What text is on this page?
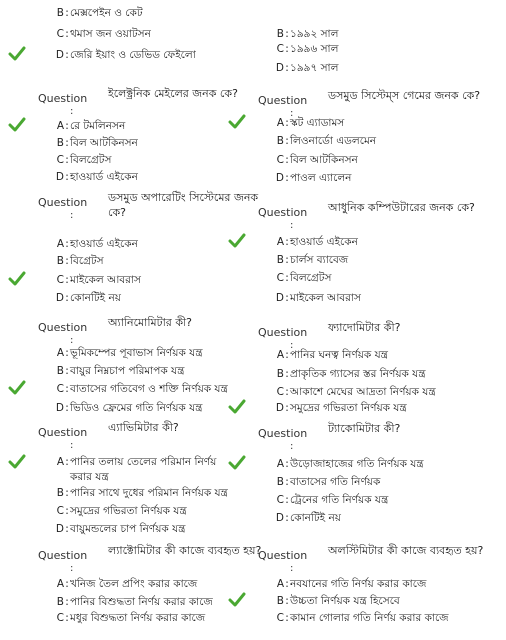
B:মেক্সপেইন ও কেট
C:থমাস জন ওয়াটসন
D:জেরি ইয়াং ও ডেভিড ফেইলো
Question
:
ইলেক্ট্রনিক মেইলের জনক কে?
A:রে টমলিনসন
B:বিল আটকিনসন
C:বিলগ্রেটস
D:হাওয়ার্ড এইকেন
Question
:
ডসমুড অপারেটিং সিস্টেমের জনক কে?
A:হাওয়ার্ড এইকেন
B:বিগ্রেটস
C:মাইকেল আবরাস
D:কোনটিই নয়
Question
:
অ্যানিমোমিটার কী?
A:ভূমিকম্পের পূবাভাস নির্ণয়ক যন্ত্র
B:বায়ুর নিম্নচাপ পরিমাপক যন্ত্র
C:বাতাসের গতিবেগ ও শক্তি নির্ণয়ক যন্ত্র
D:ভিডিও ফ্রেমের গতি নির্ণয়ক যন্ত্র
Question
:
এ্যাভিমিটার কী?
A:পানির তলায় তেলের পরিমান নির্ণয় করার যন্ত্র
B:পানির সাথে দুধের পরিমান নির্ণয়ক যন্ত্র
C:সমুদ্রের গভিরতা নির্ণয়ক যন্ত্র
D:বায়ুমন্ডলের চাপ নির্ণয়ক যন্ত্র
Question
:
ল্যাক্টোমিটার কী কাজে ব্যবহৃত হয়?
A:খনিজ তৈল প্রপিং করার কাজে
B:পানির বিশুদ্ধতা নির্ণয় করার কাজে
C:মধুর বিশুদ্ধতা নির্ণয় করার কাজে
B:১৯৯২ সাল
C:১৯৯৬ সাল
D:১৯৯৭ সাল
Question
:
ডসমুড সিস্টেম্স গেমের জনক কে?
A:স্কট এ্যাডামস
B:লিওনার্ডো এডলমেন
C:বিল আটকিনসন
D:পাওল এ্যালেন
Question
:
আধুনিক কম্পিউটারের জনক কে?
A:হাওয়ার্ড এইকেন
B:চার্লস ব্যাবেজ
C:বিলগ্রেটস
D:মাইকেল আবরাস
Question
:
ফ্যাদোমিটার কী?
A:পানির ঘনত্ব নির্ণয়ক যন্ত্র
B:প্রাকৃতিক গ্যাসের স্তর নির্ণয়ক যন্ত্র
C:আকাশে মেঘের আদ্রতা নির্ণয়ক যন্ত্র
D:সমুদ্রের গভিরতা নির্ণয়ক যন্ত্র
Question
:
ট্যাকোমিটার কী?
A:উড়োজাহাজের গতি নির্ণয়ক যন্ত্র
B:বাতাসের গতি নির্ণয়ক
C:ট্রেনের গতি নির্ণয়ক যন্ত্র
D:কোনটিই নয়
Question
:
অলস্টিমিটার কী কাজে ব্যবহৃত হয়?
A:নবযানের গতি নির্ণয় করার কাজে
B:উচ্চতা নির্ণয়ক যন্ত্র হিসেবে
C:কামান গোলার গতি নির্ণয় করার কাজে
